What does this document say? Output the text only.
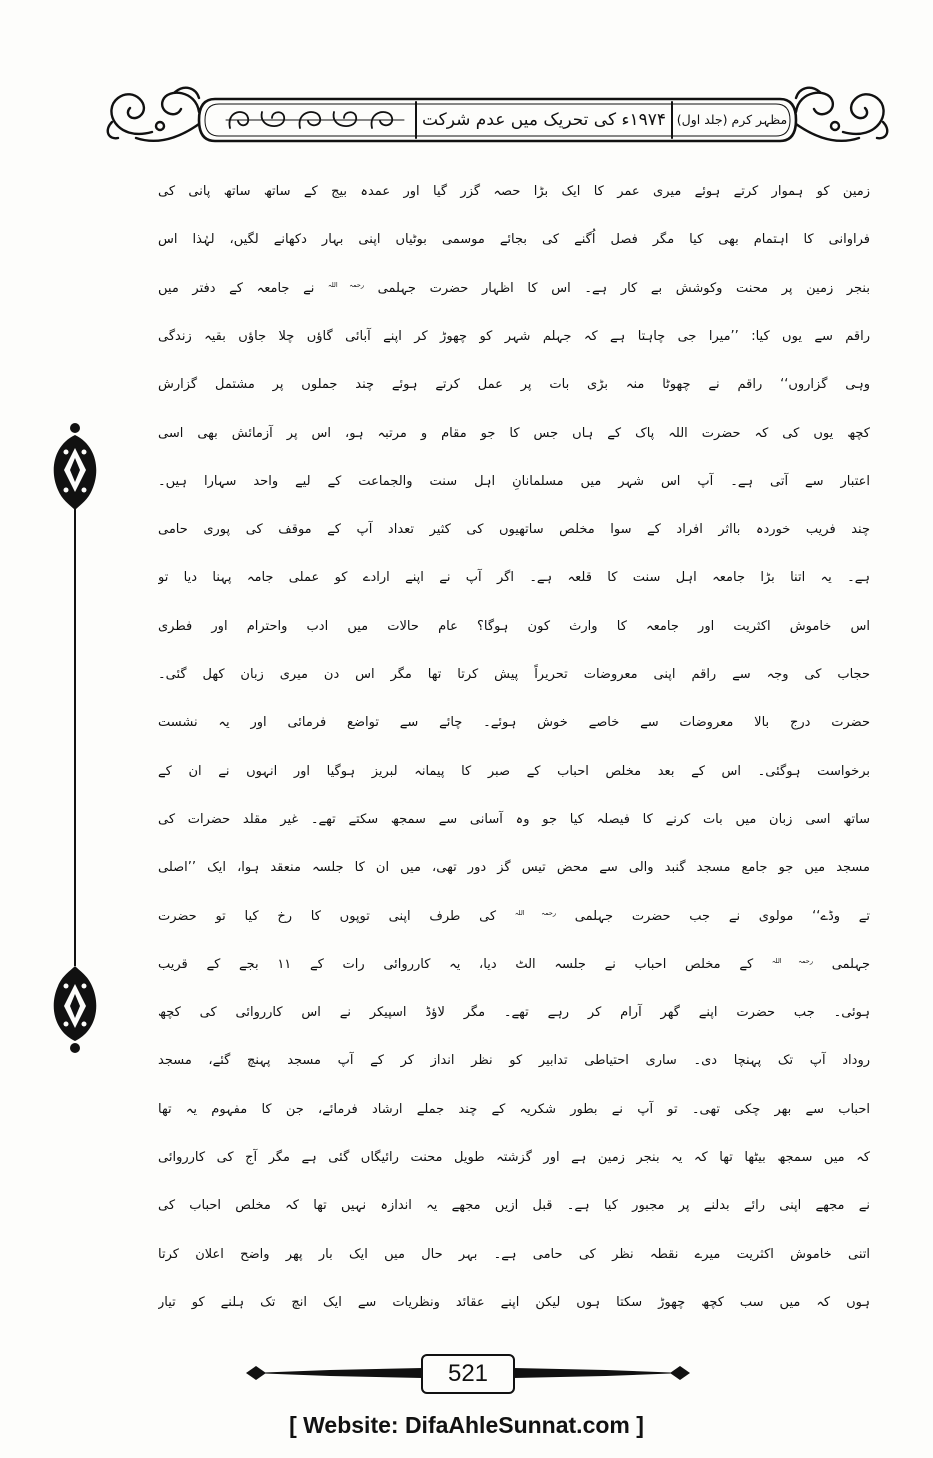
۱۹۷۴ء کی تحریک میں عدم شرکت مظہر کرم (جلد اول)
زمین کو ہموار کرتے ہوئے میری عمر کا ایک بڑا حصہ گزر گیا اور عمدہ بیج کے ساتھ ساتھ پانی کی
فراوانی کا اہتمام بھی کیا مگر فصل اُگنے کی بجائے موسمی بوٹیاں اپنی بہار دکھانے لگیں، لہٰذا اس
بنجر زمین پر محنت وکوشش بے کار ہے۔ اس کا اظہار حضرت جہلمی $^{رحمہ اللہ}$ نے جامعہ کے دفتر میں
راقم سے یوں کیا: ’’میرا جی چاہتا ہے کہ جہلم شہر کو چھوڑ کر اپنے آبائی گاؤں چلا جاؤں بقیہ زندگی
وہی گزاروں‘‘ راقم نے چھوٹا منہ بڑی بات پر عمل کرتے ہوئے چند جملوں پر مشتمل گزارش
کچھ یوں کی کہ حضرت اللہ پاک کے ہاں جس کا جو مقام و مرتبہ ہو، اس پر آزمائش بھی اسی
اعتبار سے آتی ہے۔ آپ اس شہر میں مسلمانانِ اہل سنت والجماعت کے لیے واحد سہارا ہیں۔
چند فریب خوردہ بااثر افراد کے سوا مخلص ساتھیوں کی کثیر تعداد آپ کے موقف کی پوری حامی
ہے۔ یہ اتنا بڑا جامعہ اہل سنت کا قلعہ ہے۔ اگر آپ نے اپنے ارادے کو عملی جامہ پہنا دیا تو
اس خاموش اکثریت اور جامعہ کا وارث کون ہوگا؟ عام حالات میں ادب واحترام اور فطری
حجاب کی وجہ سے راقم اپنی معروضات تحریراً پیش کرتا تھا مگر اس دن میری زبان کھل گئی۔
حضرت درج بالا معروضات سے خاصے خوش ہوئے۔ چائے سے تواضع فرمائی اور یہ نشست
برخواست ہوگئی۔ اس کے بعد مخلص احباب کے صبر کا پیمانہ لبریز ہوگیا اور انہوں نے ان کے
ساتھ اسی زبان میں بات کرنے کا فیصلہ کیا جو وہ آسانی سے سمجھ سکتے تھے۔ غیر مقلد حضرات کی
مسجد میں جو جامع مسجد گنبد والی سے محض تیس گز دور تھی، میں ان کا جلسہ منعقد ہوا، ایک ’’اصلی
تے وڈے‘‘ مولوی نے جب حضرت جہلمی $^{رحمہ اللہ}$ کی طرف اپنی توپوں کا رخ کیا تو حضرت
جہلمی $^{رحمہ اللہ}$ کے مخلص احباب نے جلسہ الٹ دیا، یہ کارروائی رات کے ۱۱ بجے کے قریب
ہوئی۔ جب حضرت اپنے گھر آرام کر رہے تھے۔ مگر لاؤڈ اسپیکر نے اس کارروائی کی کچھ
روداد آپ تک پہنچا دی۔ ساری احتیاطی تدابیر کو نظر انداز کر کے آپ مسجد پہنچ گئے، مسجد
احباب سے بھر چکی تھی۔ تو آپ نے بطور شکریہ کے چند جملے ارشاد فرمائے، جن کا مفہوم یہ تھا
کہ میں سمجھ بیٹھا تھا کہ یہ بنجر زمین ہے اور گزشتہ طویل محنت رائیگاں گئی ہے مگر آج کی کارروائی
نے مجھے اپنی رائے بدلنے پر مجبور کیا ہے۔ قبل ازیں مجھے یہ اندازہ نہیں تھا کہ مخلص احباب کی
اتنی خاموش اکثریت میرے نقطہ نظر کی حامی ہے۔ بہر حال میں ایک بار پھر واضح اعلان کرتا
ہوں کہ میں سب کچھ چھوڑ سکتا ہوں لیکن اپنے عقائد ونظریات سے ایک انچ تک ہلنے کو تیار
521
[ Website: DifaAhleSunnat.com ]
